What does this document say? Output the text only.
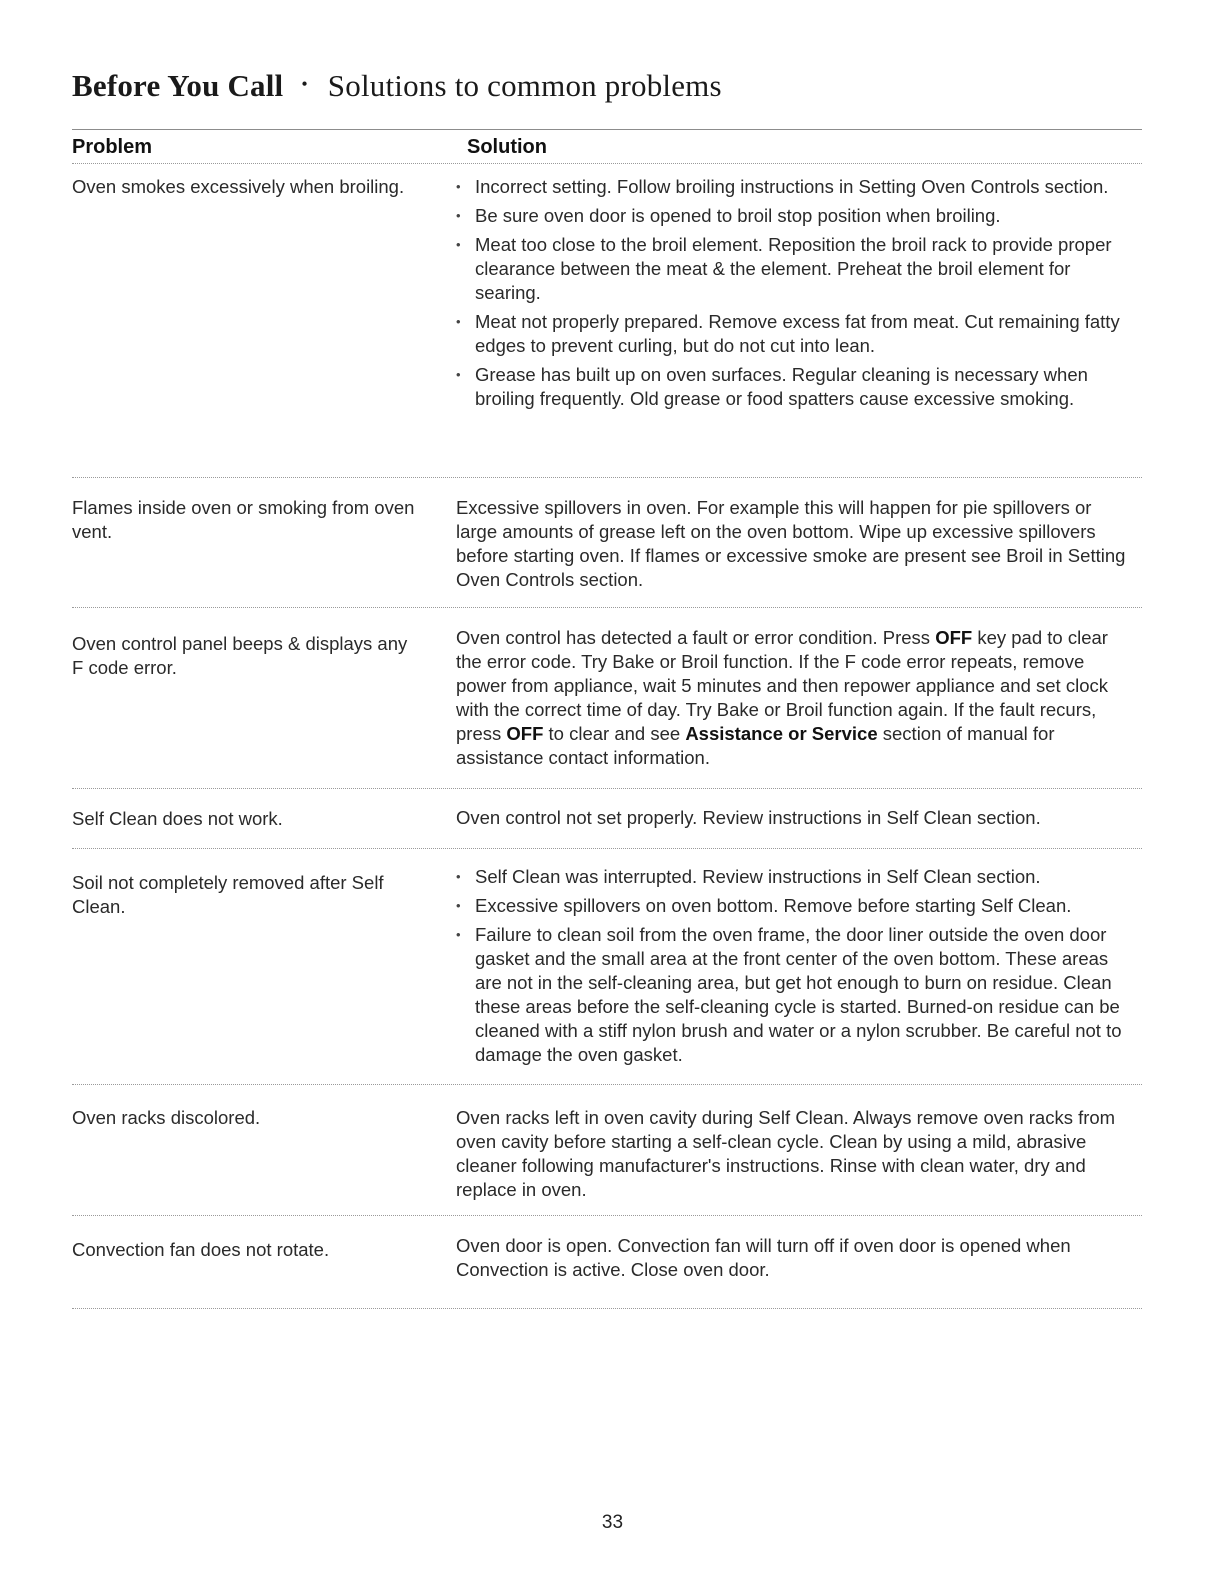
Before You Call • Solutions to common problems
Problem	Solution
Oven smokes excessively when broiling.
•	Incorrect setting. Follow broiling instructions in Setting Oven Controls section.
• Be sure oven door is opened to broil stop position when broiling.
• Meat too close to the broil element. Reposition the broil rack to provide proper clearance between the meat & the element. Preheat the broil element for searing.
• Meat not properly prepared. Remove excess fat from meat. Cut remaining fatty edges to prevent curling, but do not cut into lean.
• Grease has built up on oven surfaces. Regular cleaning is necessary when broiling frequently. Old grease or food spatters cause excessive smoking.
Flames inside oven or smoking from oven vent.

Excessive spillovers in oven. For example this will happen for pie spillovers or large amounts of grease left on the oven bottom. Wipe up excessive spillovers before starting oven. If flames or excessive smoke are present see Broil in Setting Oven Controls section.

Oven control panel beeps & displays any F code error.

Oven control has detected a fault or error condition. Press OFF key pad to clear the error code. Try Bake or Broil function. If the F code error repeats, remove power from appliance, wait 5 minutes and then repower appliance and set clock with the correct time of day. Try Bake or Broil function again. If the fault recurs, press OFF to clear and see Assistance or Service section of manual for assistance contact information.

Self Clean does not work.	Oven control not set properly. Review instructions in Self Clean section.

Soil not completely removed after Self Clean.
• Self Clean was interrupted. Review instructions in Self Clean section.
• Excessive spillovers on oven bottom. Remove before starting Self Clean.
• Failure to clean soil from the oven frame, the door liner outside the oven door gasket and the small area at the front center of the oven bottom. These areas are not in the self-cleaning area, but get hot enough to burn on residue. Clean these areas before the self-cleaning cycle is started. Burned-on residue can be cleaned with a stiff nylon brush and water or a nylon scrubber. Be careful not to damage the oven gasket.
Oven racks discolored.	Oven racks left in oven cavity during Self Clean. Always remove oven racks from oven cavity before starting a self-clean cycle. Clean by using a mild, abrasive cleaner following manufacturer's instructions. Rinse with clean water, dry and replace in oven.

Convection fan does not rotate.	Oven door is open. Convection fan will turn off if oven door is opened when Convection is active. Close oven door.

33
